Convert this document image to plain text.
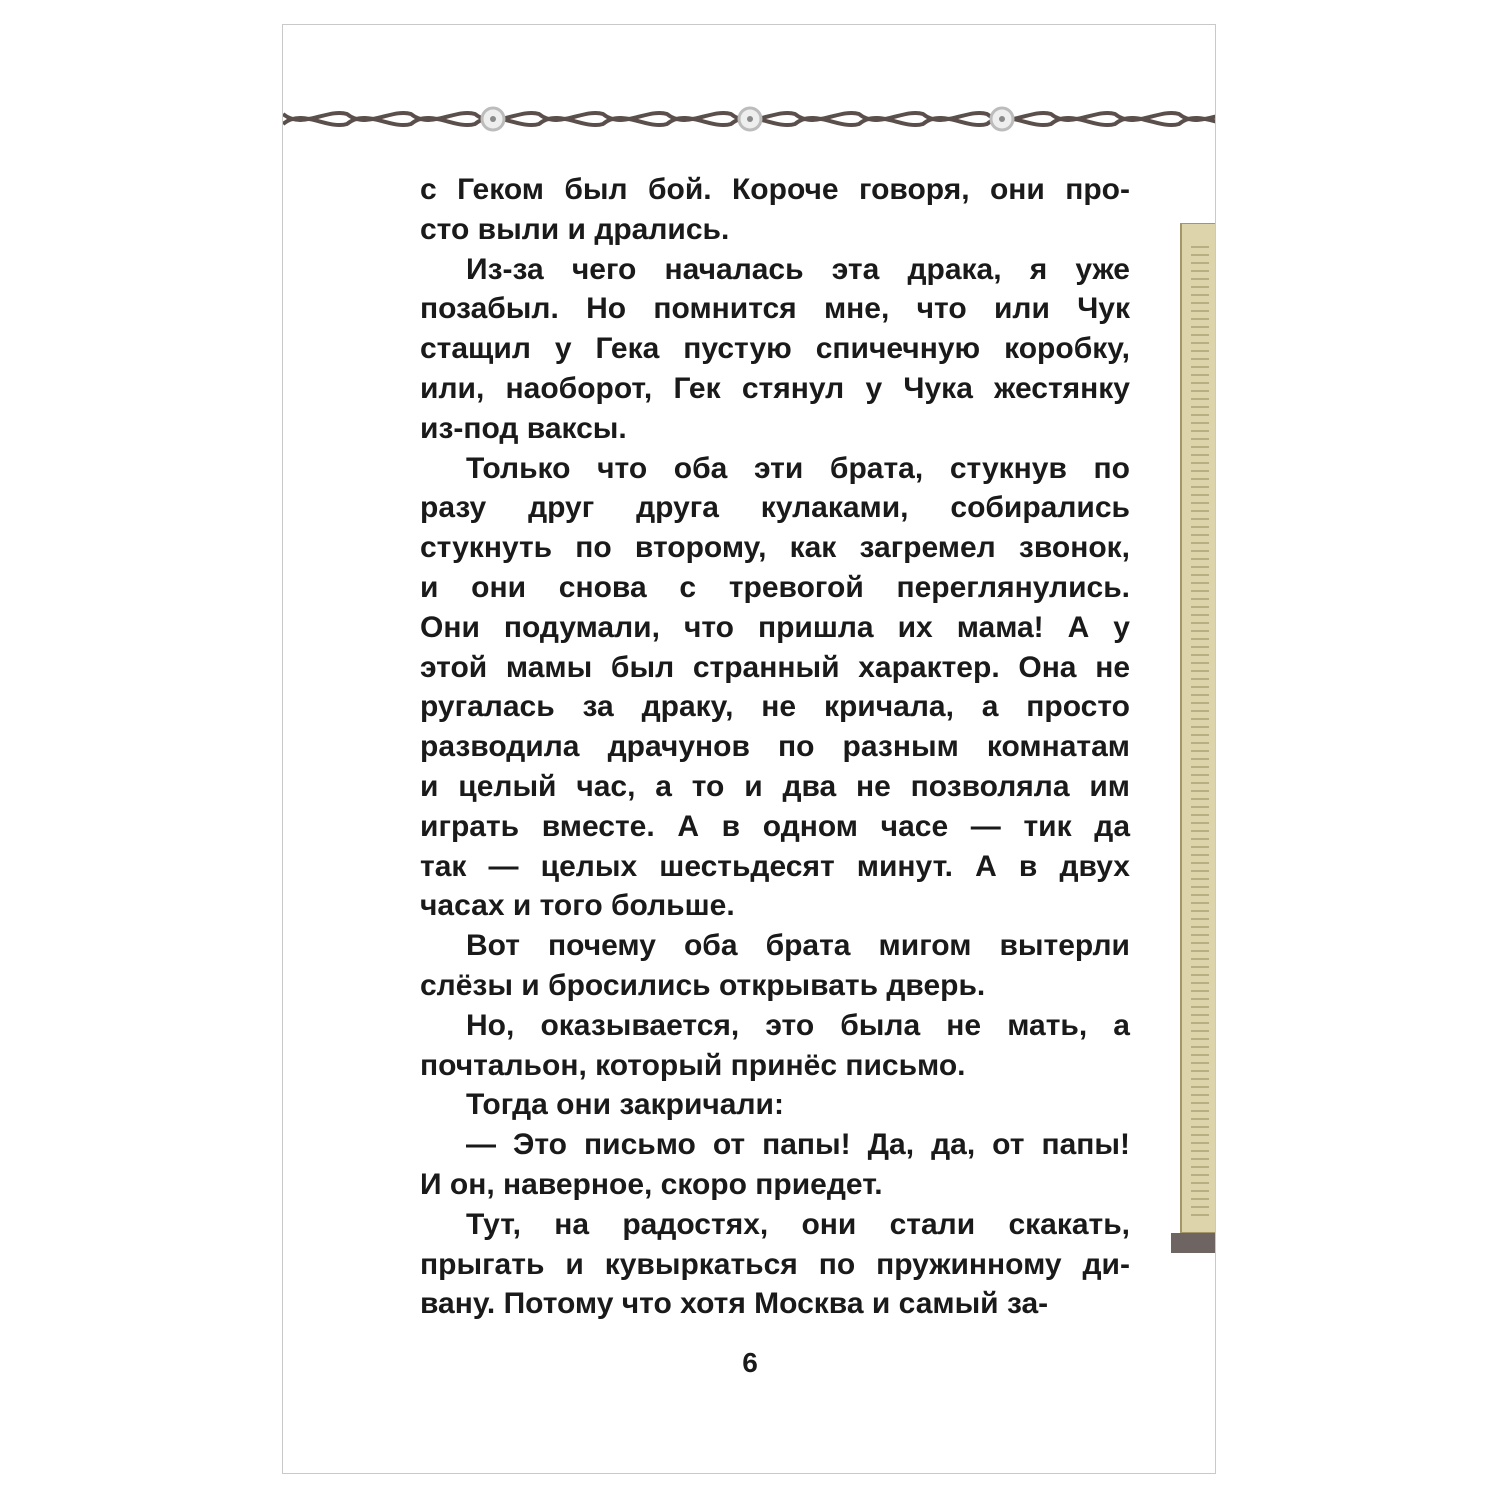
с Геком был бой. Короче говоря, они про-
сто выли и дрались.
Из-за чего началась эта драка, я уже
позабыл. Но помнится мне, что или Чук
стащил у Гека пустую спичечную коробку,
или, наоборот, Гек стянул у Чука жестянку
из-под ваксы.
Только что оба эти брата, стукнув по
разу друг друга кулаками, собирались
стукнуть по второму, как загремел звонок,
и они снова с тревогой переглянулись.
Они подумали, что пришла их мама! А у
этой мамы был странный характер. Она не
ругалась за драку, не кричала, а просто
разводила драчунов по разным комнатам
и целый час, а то и два не позволяла им
играть вместе. А в одном часе — тик да
так — целых шестьдесят минут. А в двух
часах и того больше.
Вот почему оба брата мигом вытерли
слёзы и бросились открывать дверь.
Но, оказывается, это была не мать, а
почтальон, который принёс письмо.
Тогда они закричали:
— Это письмо от папы! Да, да, от папы!
И он, наверное, скоро приедет.
Тут, на радостях, они стали скакать,
прыгать и кувыркаться по пружинному ди-
вану. Потому что хотя Москва и самый за-
6
